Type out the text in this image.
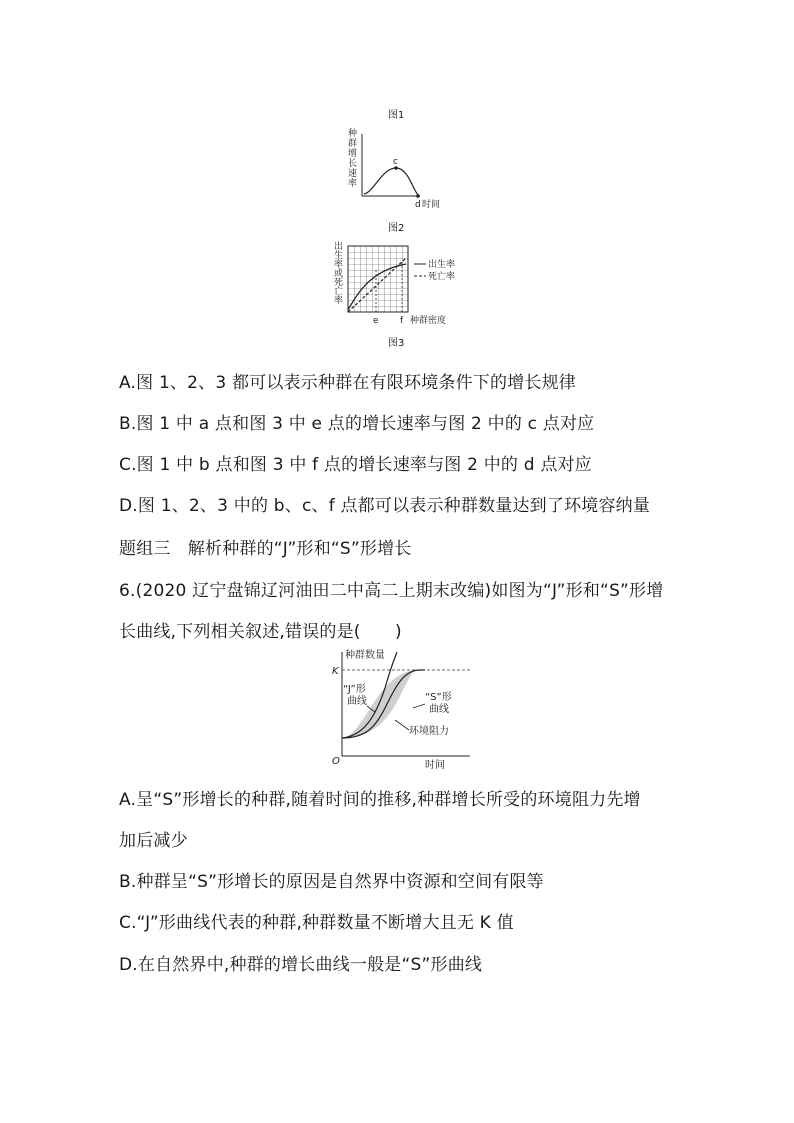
图1
种
群
增
长
速
率
c
d 时间
图2
出
生
率
或
死
亡
率
e f 种群密度
出生率
死亡率
图3
A.图 1、2、3 都可以表示种群在有限环境条件下的增长规律
B.图 1 中 a 点和图 3 中 e 点的增长速率与图 2 中的 c 点对应
C.图 1 中 b 点和图 3 中 f 点的增长速率与图 2 中的 d 点对应
D.图 1、2、3 中的 b、c、f 点都可以表示种群数量达到了环境容纳量
题组三　解析种群的“J”形和“S”形增长
6.(2020 辽宁盘锦辽河油田二中高二上期末改编)如图为“J”形和“S”形增
长曲线,下列相关叙述,错误的是(　　)
种群数量
K
O	时间
“J”形
曲线	“S”形
曲线
环境阻力
A.呈“S”形增长的种群,随着时间的推移,种群增长所受的环境阻力先增
加后减少
B.种群呈“S”形增长的原因是自然界中资源和空间有限等
C.“J”形曲线代表的种群,种群数量不断增大且无 K 值
D.在自然界中,种群的增长曲线一般是“S”形曲线
